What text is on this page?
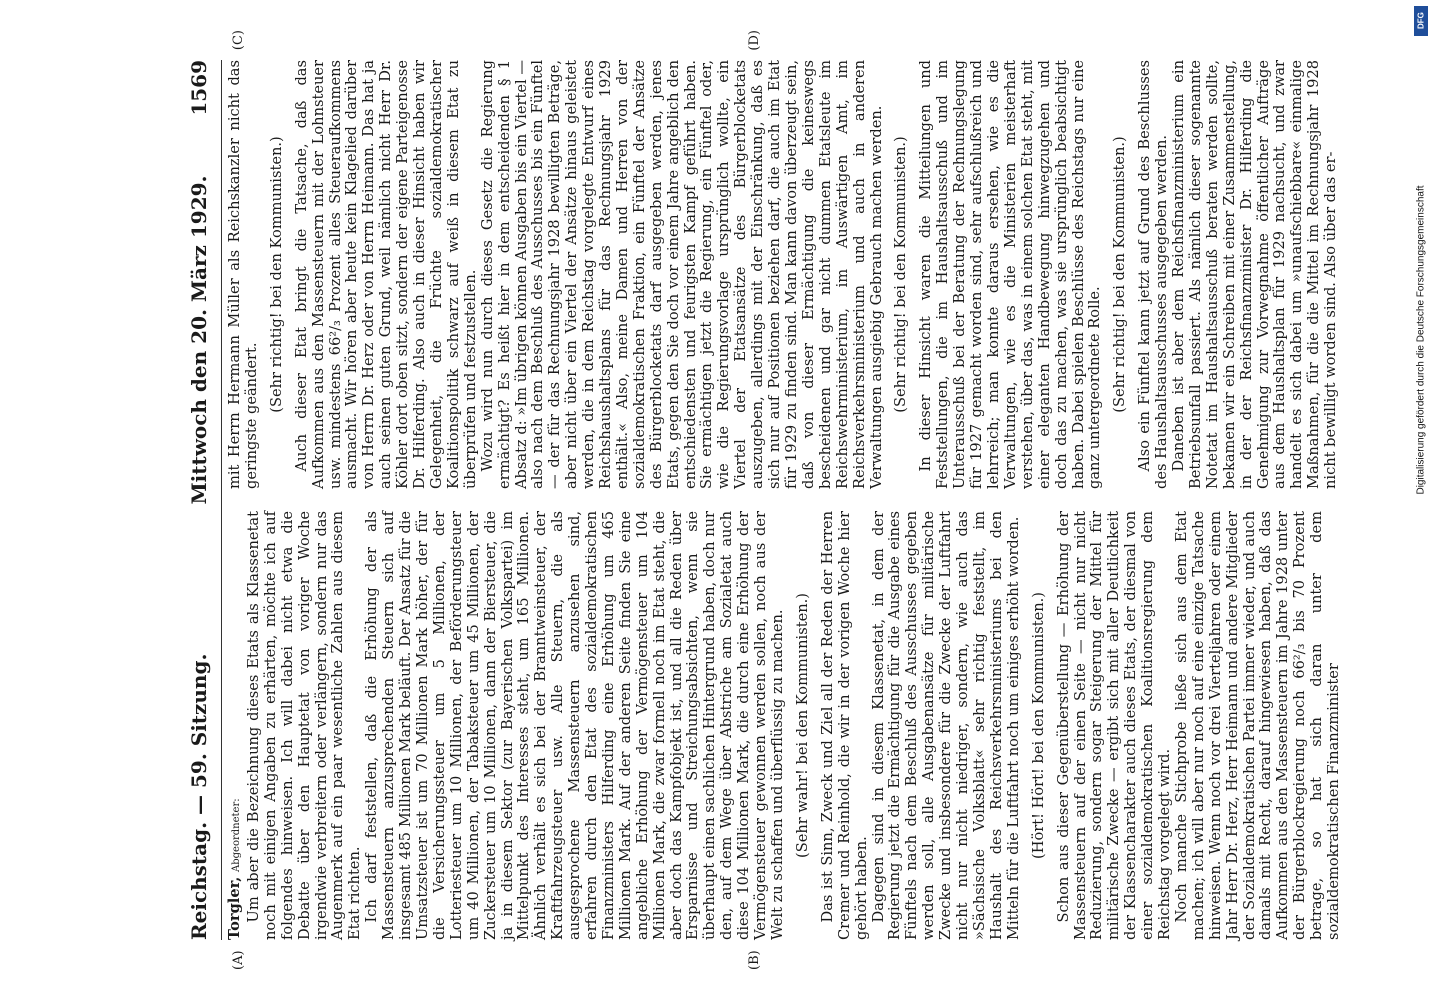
Reichstag. — 59. Sitzung.
Mittwoch den 20. März 1929.
1569
(A)	(B)

Torgler, Abgeordneter: Um aber die Bezeichnung dieses Etats als Klassenetat noch mit einigen Angaben zu erhärten, möchte ich auf folgendes hinweisen. Ich will dabei nicht etwa die Debatte über den Hauptetat von voriger Woche irgendwie verbreitern oder verlängern, sondern nur das Augenmerk auf ein paar wesentliche Zahlen aus diesem Etat richten. Ich darf feststellen, daß die Erhöhung der als Massensteuern anzusprechenden Steuern sich auf insgesamt 485 Millionen Mark beläuft. Der Ansatz für die Umsatzsteuer ist um 70 Millionen Mark höher, der für die Versicherungssteuer um 5 Millionen, der Lotteriesteuer um 10 Millionen, der Beförderungsteuer um 40 Millionen, der Tabaksteuer um 45 Millionen, der Zuckersteuer um 10 Millionen, dann der Biersteuer, die ja in diesem Sektor (zur Bayerischen Volkspartei) im Mittelpunkt des Interesses steht, um 165 Millionen. Ähnlich verhält es sich bei der Branntweinsteuer, der Kraftfahrzeugsteuer usw. Alle Steuern, die als ausgesprochene Massensteuern anzusehen sind, erfahren durch den Etat des sozialdemokratischen Finanzministers Hilferding eine Erhöhung um 465 Millionen Mark. Auf der anderen Seite finden Sie eine angebliche Erhöhung der Vermögensteuer um 104 Millionen Mark, die zwar formell noch im Etat steht, die aber doch das Kampfobjekt ist, und all die Reden über Ersparnisse und Streichungsabsichten, wenn sie überhaupt einen sachlichen Hintergrund haben, doch nur den, auf dem Wege über Abstriche am Sozialetat auch diese 104 Millionen Mark, die durch eine Erhöhung der Vermögensteuer gewonnen werden sollen, noch aus der Welt zu schaffen und überflüssig zu machen. (Sehr wahr! bei den Kommunisten.) Das ist Sinn, Zweck und Ziel all der Reden der Herren Cremer und Reinhold, die wir in der vorigen Woche hier gehört haben. Dagegen sind in diesem Klassenetat, in dem der Regierung jetzt die Ermächtigung für die Ausgabe eines Fünftels nach dem Beschluß des Ausschusses gegeben werden soll, alle Ausgabenansätze für militärische Zwecke und insbesondere für die Zwecke der Luftfahrt nicht nur nicht niedriger, sondern, wie auch das »Sächsische Volksblatt« sehr richtig feststellt, im Haushalt des Reichsverkehrsministeriums bei den Mitteln für die Luftfahrt noch um einiges erhöht worden. (Hört! Hört! bei den Kommunisten.) Schon aus dieser Gegenüberstellung — Erhöhung der Massensteuern auf der einen Seite — nicht nur nicht Reduzierung, sondern sogar Steigerung der Mittel für militärische Zwecke — ergibt sich mit aller Deutlichkeit der Klassencharakter auch dieses Etats, der diesmal von einer sozialdemokratischen Koalitionsregierung dem Reichstag vorgelegt wird. Noch manche Stichprobe ließe sich aus dem Etat machen; ich will aber nur noch auf eine einzige Tatsache hinweisen. Wenn noch vor drei Vierteljahren oder einem Jahr Herr Dr. Herz, Herr Heimann und andere Mitglieder der Sozialdemokratischen Partei immer wieder, und auch damals mit Recht, darauf hingewiesen haben, daß das Aufkommen aus den Massensteuern im Jahre 1928 unter der Bürgerblockregierung noch 66²/₃ bis 70 Prozent betrage, so hat sich daran unter dem sozialdemokratischen Finanzminister

(C)	(D)

mit Herrn Hermann Müller als Reichskanzler nicht das geringste geändert.

(Sehr richtig! bei den Kommunisten.) Auch dieser Etat bringt die Tatsache, daß das Aufkommen aus den Massensteuern mit der Lohnsteuer usw. mindestens 66²/₃ Prozent alles Steueraufkommens ausmacht. Wir hören aber heute kein Klagelied darüber von Herrn Dr. Herz oder von Herrn Heimann. Das hat ja auch seinen guten Grund, weil nämlich nicht Herr Dr. Köhler dort oben sitzt, sondern der eigene Parteigenosse Dr. Hilferding. Also auch in dieser Hinsicht haben wir Gelegenheit, die Früchte sozialdemokratischer Koalitionspolitik schwarz auf weiß in diesem Etat zu überprüfen und festzustellen. Wozu wird nun durch dieses Gesetz die Regierung ermächtigt? Es heißt hier in dem entscheidenden § 1 Absatz d: »Im übrigen können Ausgaben bis ein Viertel — also nach dem Beschluß des Ausschusses bis ein Fünftel — der für das Rechnungsjahr 1928 bewilligten Beträge, aber nicht über ein Viertel der Ansätze hinaus geleistet werden, die in dem Reichstag vorgelegte Entwurf eines Reichshaushaltsplans für das Rechnungsjahr 1929 enthält.« Also, meine Damen und Herren von der sozialdemokratischen Fraktion, ein Fünftel der Ansätze des Bürgerblocketats darf ausgegeben werden, jenes Etats, gegen den Sie doch vor einem Jahre angeblich den entschiedensten und feurigsten Kampf geführt haben. Sie ermächtigen jetzt die Regierung, ein Fünftel oder, wie die Regierungsvorlage ursprünglich wollte, ein Viertel der Etatsansätze des Bürgerblocketats auszugeben, allerdings mit der Einschränkung, daß es sich nur auf Positionen beziehen darf, die auch im Etat für 1929 zu finden sind. Man kann davon überzeugt sein, daß von dieser Ermächtigung die keineswegs bescheidenen und gar nicht dummen Etatsleute im Reichswehrministerium, im Auswärtigen Amt, im Reichsverkehrsministerium und auch in anderen Verwaltungen ausgiebig Gebrauch machen werden. (Sehr richtig! bei den Kommunisten.) In dieser Hinsicht waren die Mitteilungen und Feststellungen, die im Haushaltsausschuß und im Unterausschuß bei der Beratung der Rechnungslegung für 1927 gemacht worden sind, sehr aufschlußreich und lehrreich; man konnte daraus ersehen, wie es die Verwaltungen, wie es die Ministerien meisterhaft verstehen, über das, was in einem solchen Etat steht, mit einer eleganten Handbewegung hinwegzugehen und doch das zu machen, was sie ursprünglich beabsichtigt haben. Dabei spielen Beschlüsse des Reichstags nur eine ganz untergeordnete Rolle. (Sehr richtig! bei den Kommunisten.) Also ein Fünftel kann jetzt auf Grund des Beschlusses des Haushaltsausschusses ausgegeben werden. Daneben ist aber dem Reichsfinanzministerium ein Betriebsunfall passiert. Als nämlich dieser sogenannte Notetat im Haushaltsausschuß beraten werden sollte, bekamen wir ein Schreiben mit einer Zusammenstellung, in der der Reichsfinanzminister Dr. Hilferding die Genehmigung zur Vorwegnahme öffentlicher Aufträge aus dem Haushaltsplan für 1929 nachsucht, und zwar handelt es sich dabei um »unaufschiebbare« einmalige Maßnahmen, für die die Mittel im Rechnungsjahr 1928 nicht bewilligt worden sind. Also über das er-

DFG
Digitalisierung gefördert durch die Deutsche Forschungsgemeinschaft
